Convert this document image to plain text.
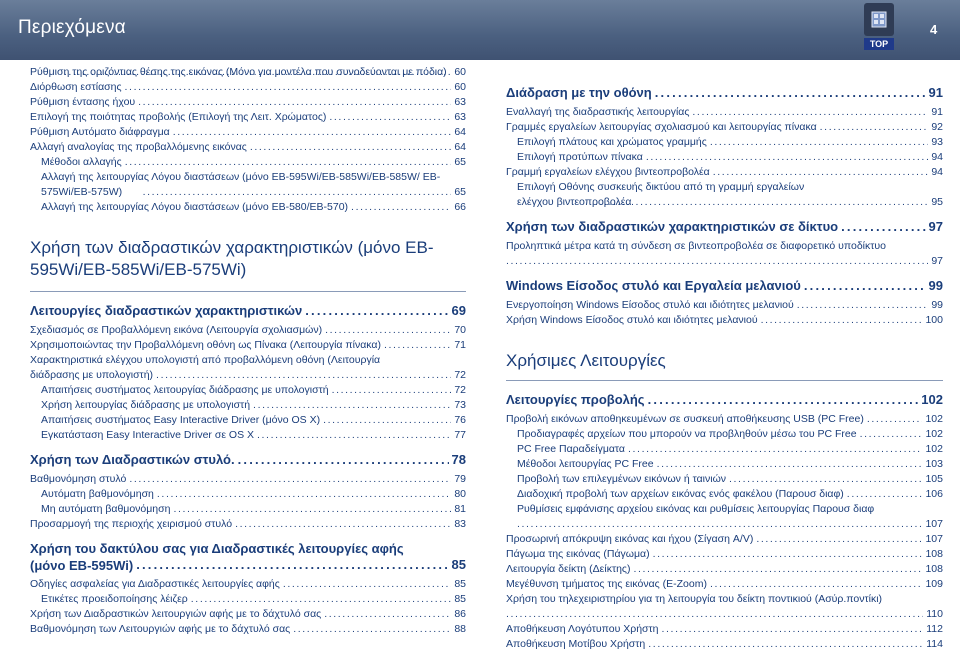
Περιεχόμενα
TOP
4
Ρύθμιση της οριζόντιας θέσης της εικόνας (Μόνο για μοντέλα που συνοδεύονται με πόδια) ..... 60
Διόρθωση εστίασης .....	60
Ρύθμιση έντασης ήχου .....	63
Επιλογή της ποιότητας προβολής (Επιλογή της Λειτ. Χρώματος) .....	63
Ρύθμιση Αυτόματο διάφραγμα .....	64
Αλλαγή αναλογίας της προβαλλόμενης εικόνας .....	64
Μέθοδοι αλλαγής .....	65
Αλλαγή της λειτουργίας Λόγου διαστάσεων (μόνο EB-595Wi/EB-585Wi/EB-585W/ EB-575Wi/EB-575W) .....	65
Αλλαγή της λειτουργίας Λόγου διαστάσεων (μόνο EB-580/EB-570) .....	66
Χρήση των διαδραστικών χαρακτηριστικών (μόνο EB-595Wi/EB-585Wi/EB-575Wi)
Λειτουργίες διαδραστικών χαρακτηριστικών .....	69
Σχεδιασμός σε Προβαλλόμενη εικόνα (Λειτουργία σχολιασμών) .....	70
Χρησιμοποιώντας την Προβαλλόμενη οθόνη ως Πίνακα (Λειτουργία πίνακα) .....	71
Χαρακτηριστικά ελέγχου υπολογιστή από προβαλλόμενη οθόνη (Λειτουργία διάδρασης με υπολογιστή) .....	72
Απαιτήσεις συστήματος λειτουργίας διάδρασης με υπολογιστή .....	72
Χρήση λειτουργίας διάδρασης με υπολογιστή .....	73
Απαιτήσεις συστήματος Easy Interactive Driver (μόνο OS X) .....	76
Εγκατάσταση Easy Interactive Driver σε OS X .....	77
Χρήση των Διαδραστικών στυλό. .....	78
Βαθμονόμηση στυλό .....	79
Αυτόματη βαθμονόμηση .....	80
Μη αυτόματη βαθμονόμηση .....	81
Προσαρμογή της περιοχής χειρισμού στυλό .....	83
Χρήση του δακτύλου σας για Διαδραστικές λειτουργίες αφής (μόνο EB-595Wi) .....	85
Οδηγίες ασφαλείας για Διαδραστικές λειτουργίες αφής .....	85
Ετικέτες προειδοποίησης λέιζερ .....	85
Χρήση των Διαδραστικών λειτουργιών αφής με το δάχτυλό σας .....	86
Βαθμονόμηση των Λειτουργιών αφής με το δάχτυλό σας .....	88
Διάδραση με την οθόνη .....	91
Εναλλαγή της διαδραστικής λειτουργίας .....	91
Γραμμές εργαλείων λειτουργίας σχολιασμού και λειτουργίας πίνακα .....	92
Επιλογή πλάτους και χρώματος γραμμής .....	93
Επιλογή προτύπων πίνακα .....	94
Γραμμή εργαλείων ελέγχου βιντεοπροβολέα .....	94
Επιλογή Οθόνης συσκευής δικτύου από τη γραμμή εργαλείων ελέγχου βιντεοπροβολέα .....	95
Χρήση των διαδραστικών χαρακτηριστικών σε δίκτυο .....	97
Προληπτικά μέτρα κατά τη σύνδεση σε βιντεοπροβολέα σε διαφορετικό υποδίκτυο
.....
97
Windows Είσοδος στυλό και Εργαλεία μελανιού .....	99
Ενεργοποίηση Windows Είσοδος στυλό και ιδιότητες μελανιού .....	99
Χρήση Windows Είσοδος στυλό και ιδιότητες μελανιού .....	100
Χρήσιμες Λειτουργίες
Λειτουργίες προβολής .....	102
Προβολή εικόνων αποθηκευμένων σε συσκευή αποθήκευσης USB (PC Free) .....	102
Προδιαγραφές αρχείων που μπορούν να προβληθούν μέσω του PC Free .....	102
PC Free Παραδείγματα .....	102
Μέθοδοι λειτουργίας PC Free .....	103
Προβολή των επιλεγμένων εικόνων ή ταινιών .....	105
Διαδοχική προβολή των αρχείων εικόνας ενός φακέλου (Παρουσ διαφ) .....	106
Ρυθμίσεις εμφάνισης αρχείου εικόνας και ρυθμίσεις λειτουργίας Παρουσ διαφ
.....
107
Προσωρινή απόκρυψη εικόνας και ήχου (Σίγαση A/V) .....	107
Πάγωμα της εικόνας (Πάγωμα) .....	108
Λειτουργία δείκτη (Δείκτης) .....	108
Μεγέθυνση τμήματος της εικόνας (E-Zoom) .....	109
Χρήση του τηλεχειριστηρίου για τη λειτουργία του δείκτη ποντικιού (Ασύρ.ποντίκι)
.....
110
Αποθήκευση Λογότυπου Χρήστη .....	112
Αποθήκευση Μοτίβου Χρήστη .....	114
